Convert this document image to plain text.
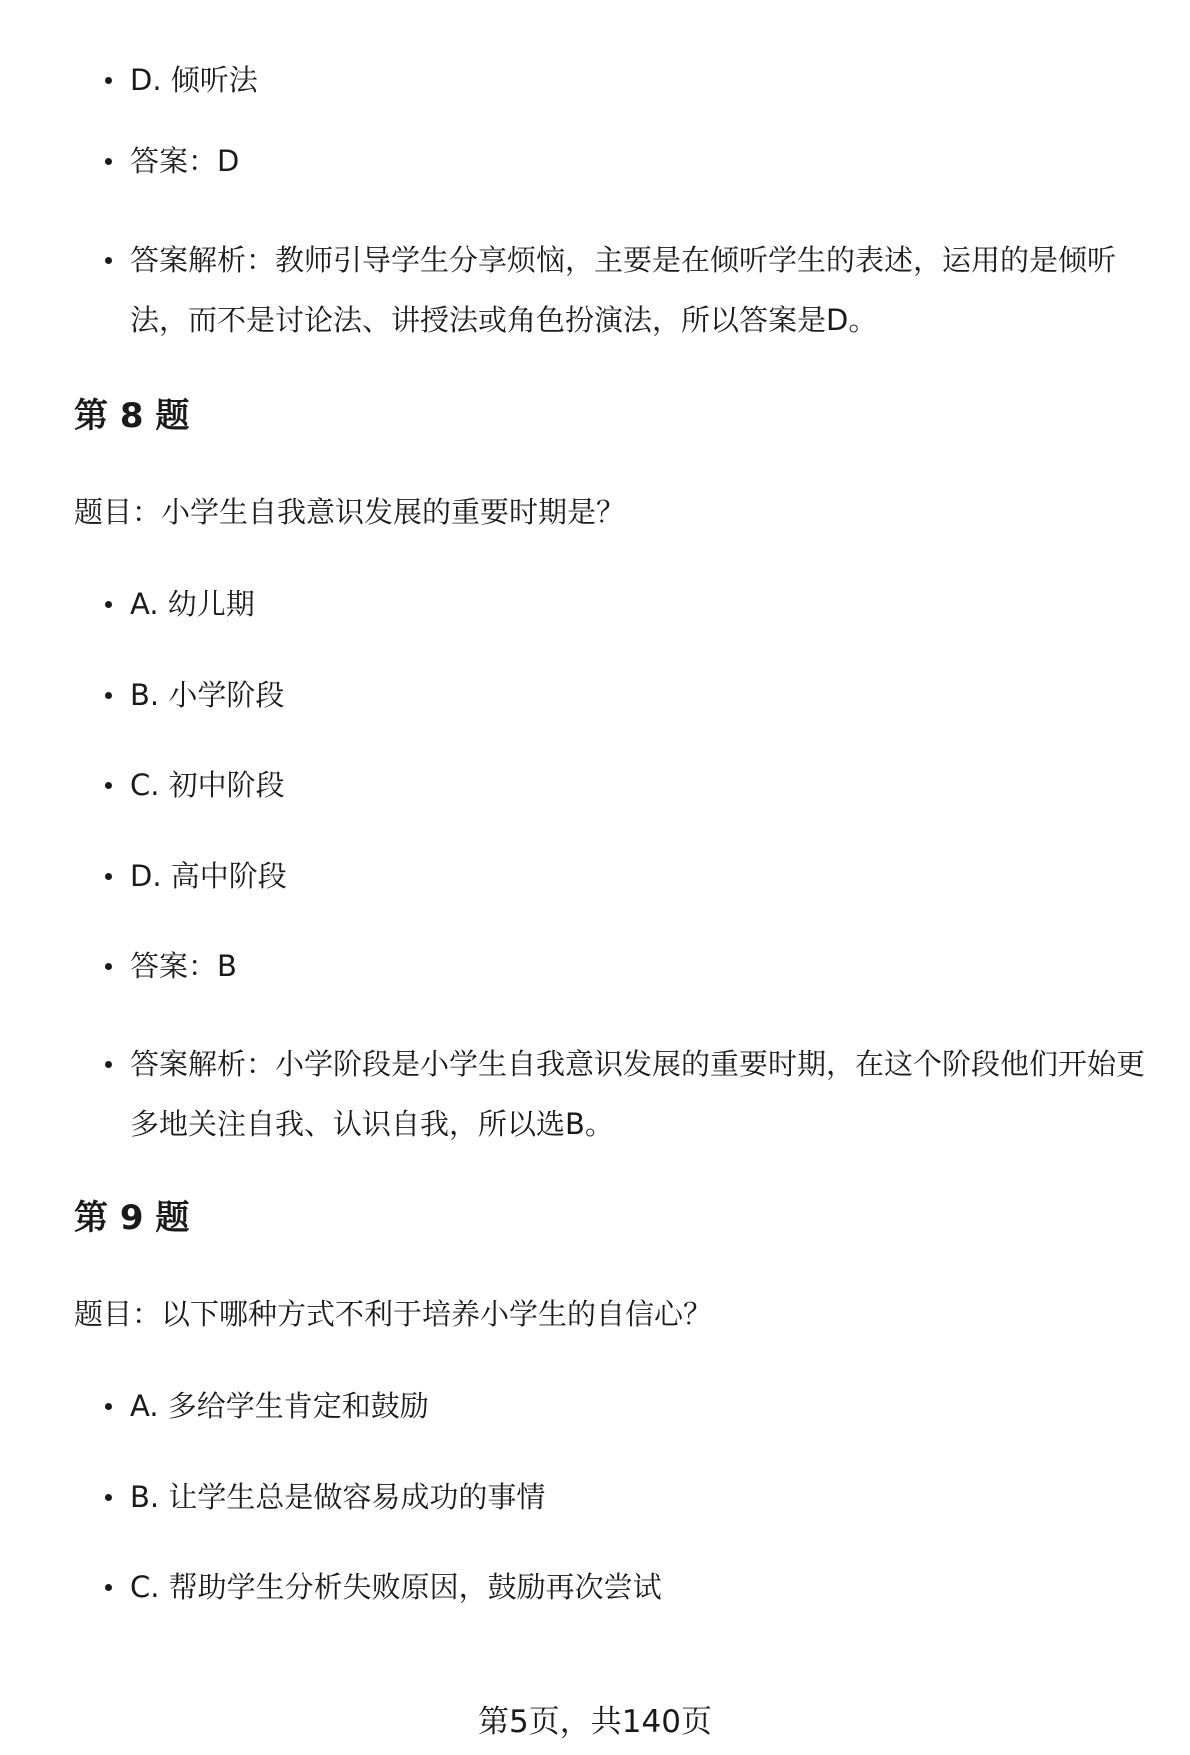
D. 倾听法
答案：D
答案解析：教师引导学生分享烦恼，主要是在倾听学生的表述，运用的是倾听法，而不是讨论法、讲授法或角色扮演法，所以答案是D。
第 8 题
题目：小学生自我意识发展的重要时期是？
A. 幼儿期
B. 小学阶段
C. 初中阶段
D. 高中阶段
答案：B
答案解析：小学阶段是小学生自我意识发展的重要时期，在这个阶段他们开始更多地关注自我、认识自我，所以选B。
第 9 题
题目：以下哪种方式不利于培养小学生的自信心？
A. 多给学生肯定和鼓励
B. 让学生总是做容易成功的事情
C. 帮助学生分析失败原因，鼓励再次尝试
第5页，共140页
